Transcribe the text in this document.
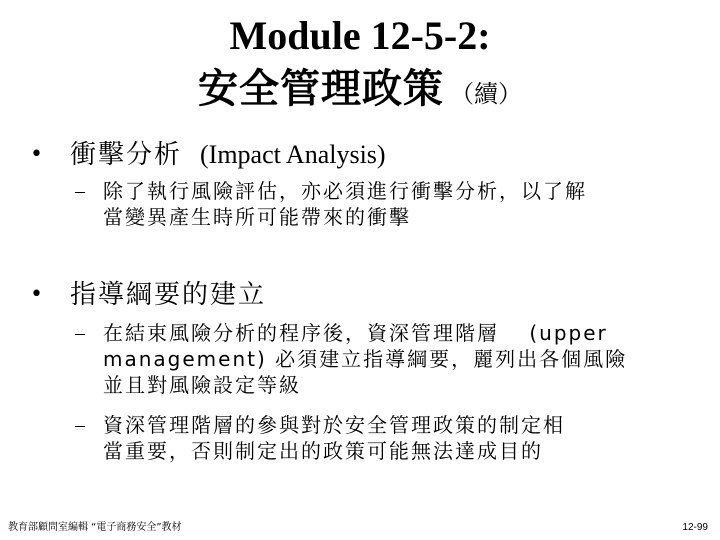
Module 12-5-2:
安全管理政策 （續）
• 衝擊分析 (Impact Analysis)
– 除了執行風險評估，亦必須進行衝擊分析，以了解
當變異產生時所可能帶來的衝擊
• 指導綱要的建立
– 在結束風險分析的程序後，資深管理階層　 (upper
management) 必須建立指導綱要，麗列出各個風險
並且對風險設定等級
– 資深管理階層的參與對於安全管理政策的制定相
當重要，否則制定出的政策可能無法達成目的
教育部顧問室編輯 “電子商務安全”教材	12-99
